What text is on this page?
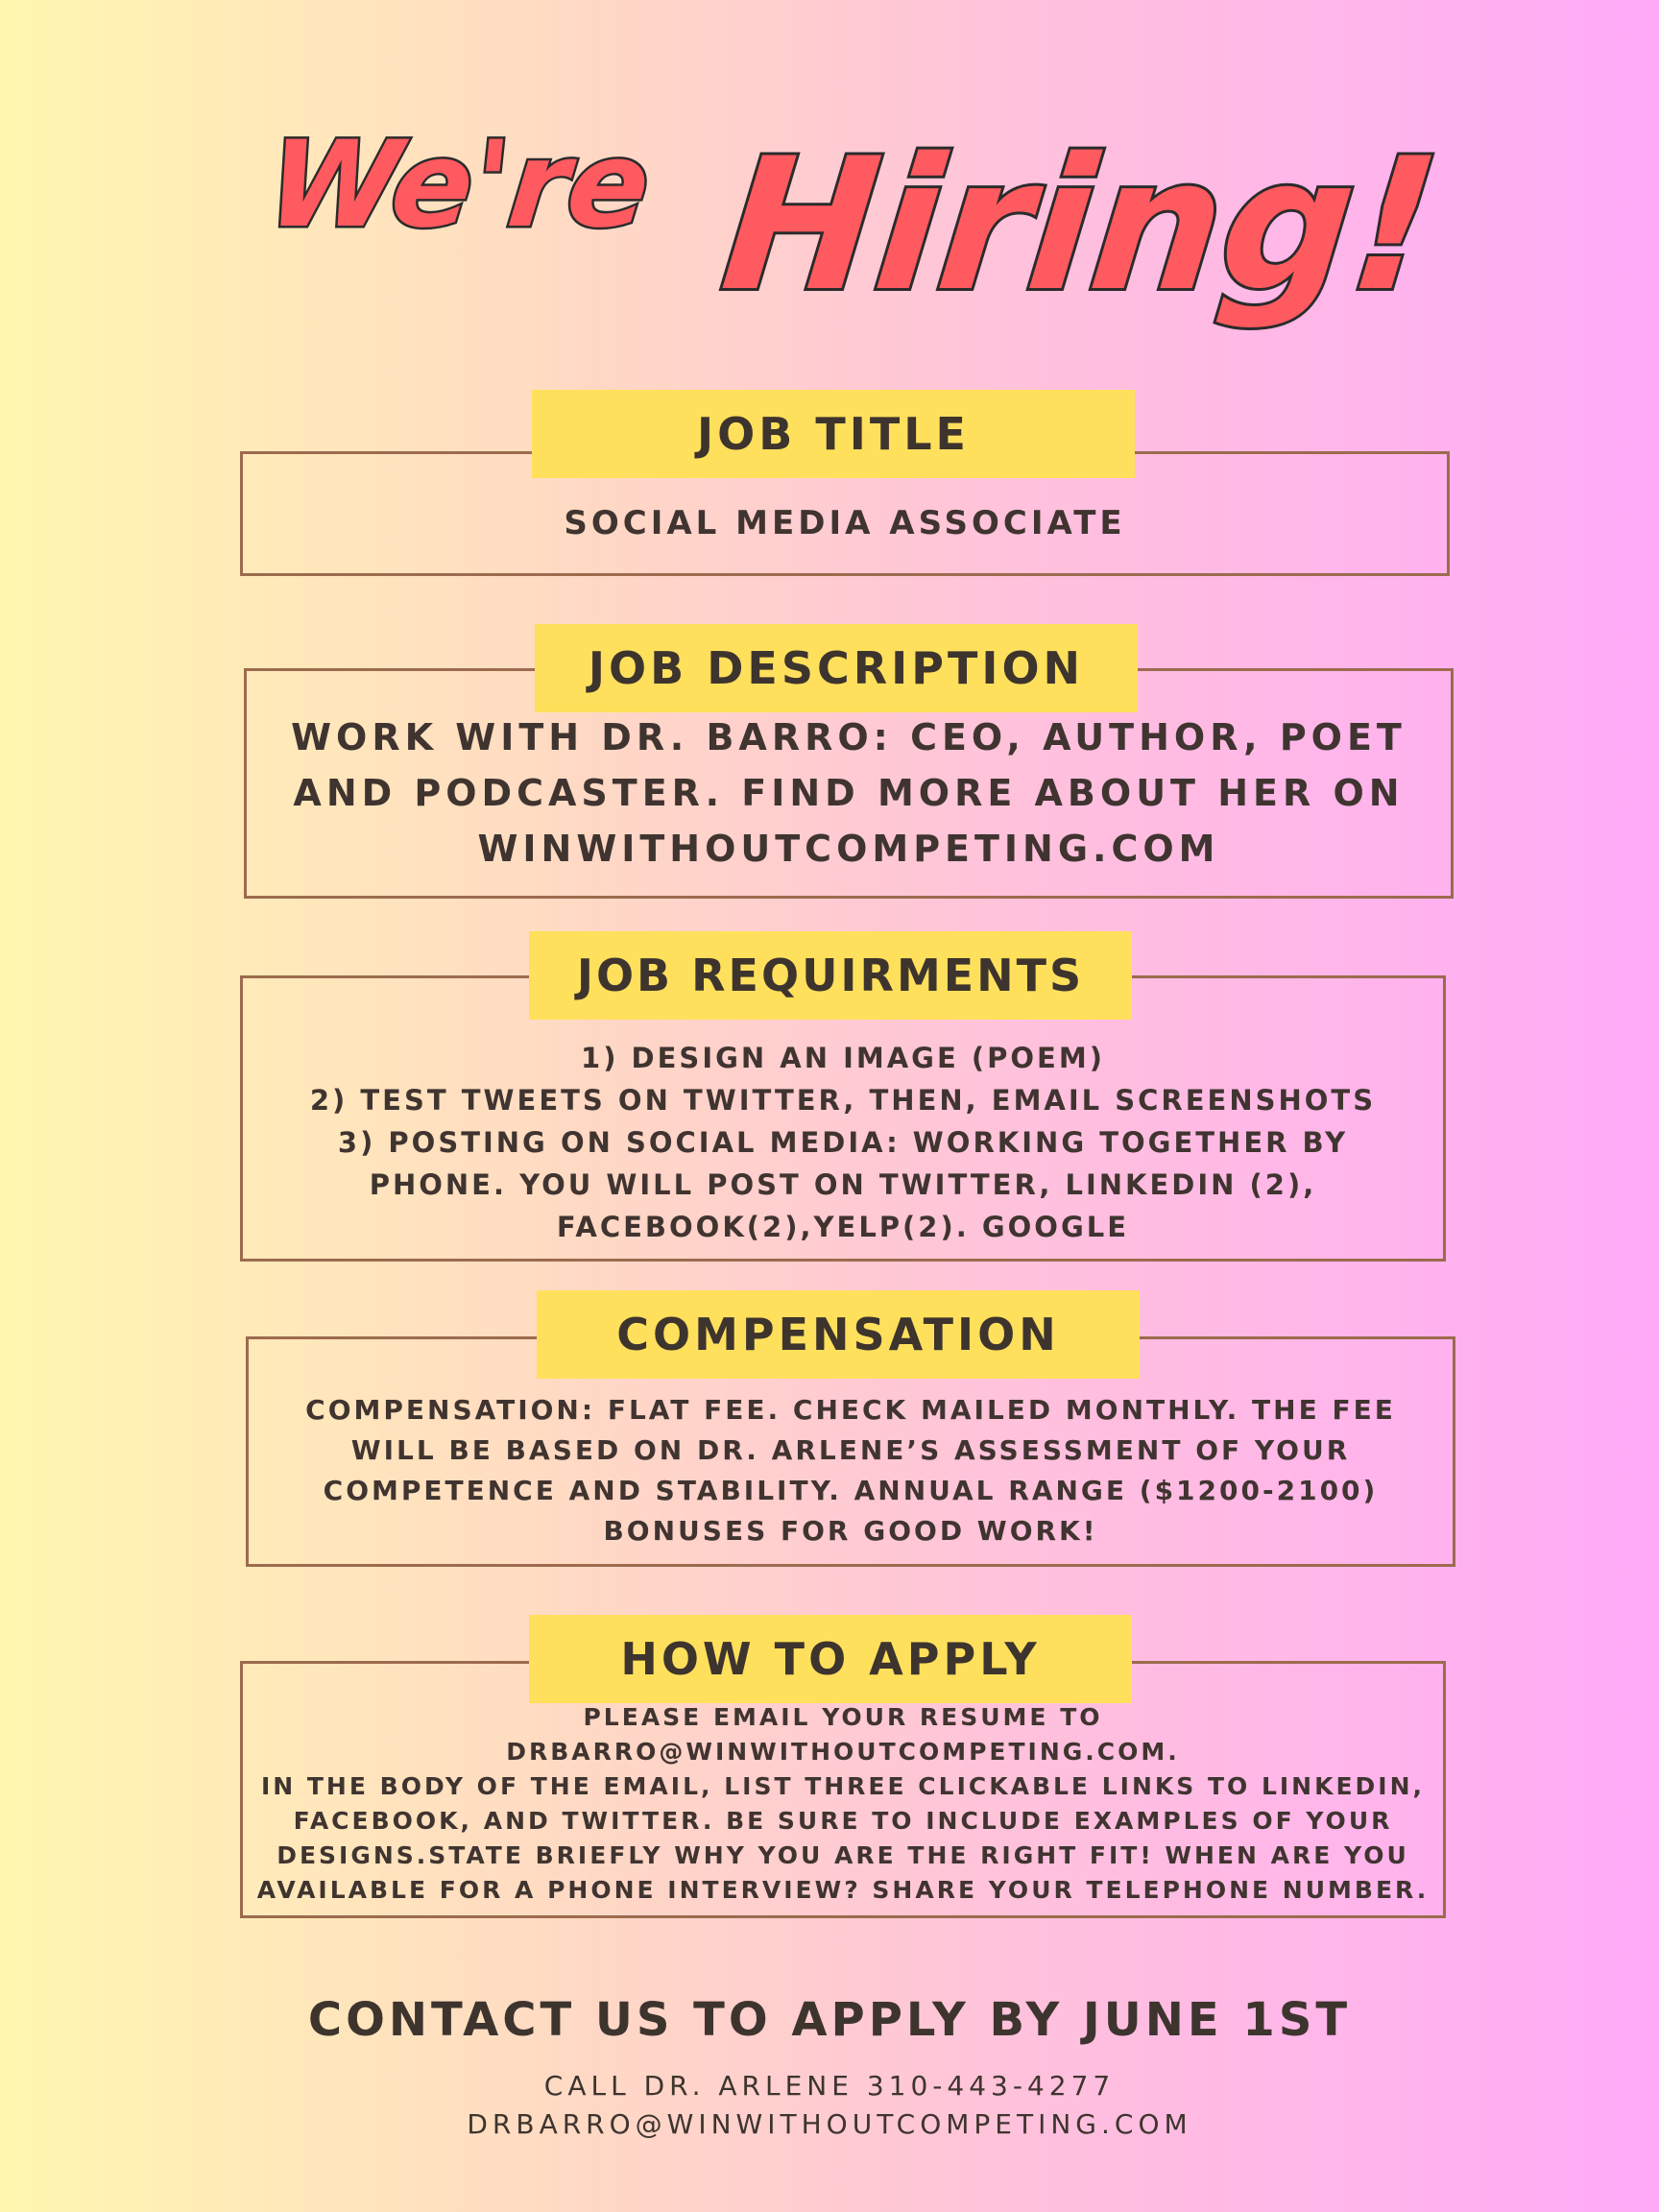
We're Hiring!
SOCIAL MEDIA ASSOCIATE
JOB TITLE
WORK WITH DR. BARRO: CEO, AUTHOR, POET
AND PODCASTER. FIND MORE ABOUT HER ON
WINWITHOUTCOMPETING.COM
JOB DESCRIPTION
1) DESIGN AN IMAGE (POEM)
2) TEST TWEETS ON TWITTER, THEN, EMAIL SCREENSHOTS
3) POSTING ON SOCIAL MEDIA: WORKING TOGETHER BY
PHONE. YOU WILL POST ON TWITTER, LINKEDIN (2),
FACEBOOK(2),YELP(2). GOOGLE
JOB REQUIRMENTS
COMPENSATION: FLAT FEE. CHECK MAILED MONTHLY. THE FEE
WILL BE BASED ON DR. ARLENE’S ASSESSMENT OF YOUR
COMPETENCE AND STABILITY. ANNUAL RANGE ($1200-2100)
BONUSES FOR GOOD WORK!
COMPENSATION
PLEASE EMAIL YOUR RESUME TO DRBARRO@WINWITHOUTCOMPETING.COM.
IN THE BODY OF THE EMAIL, LIST THREE CLICKABLE LINKS TO LINKEDIN,
FACEBOOK, AND TWITTER. BE SURE TO INCLUDE EXAMPLES OF YOUR
DESIGNS.STATE BRIEFLY WHY YOU ARE THE RIGHT FIT! WHEN ARE YOU
AVAILABLE FOR A PHONE INTERVIEW? SHARE YOUR TELEPHONE NUMBER.
HOW TO APPLY
CONTACT US TO APPLY BY JUNE 1ST
CALL DR. ARLENE 310-443-4277
DRBARRO@WINWITHOUTCOMPETING.COM
